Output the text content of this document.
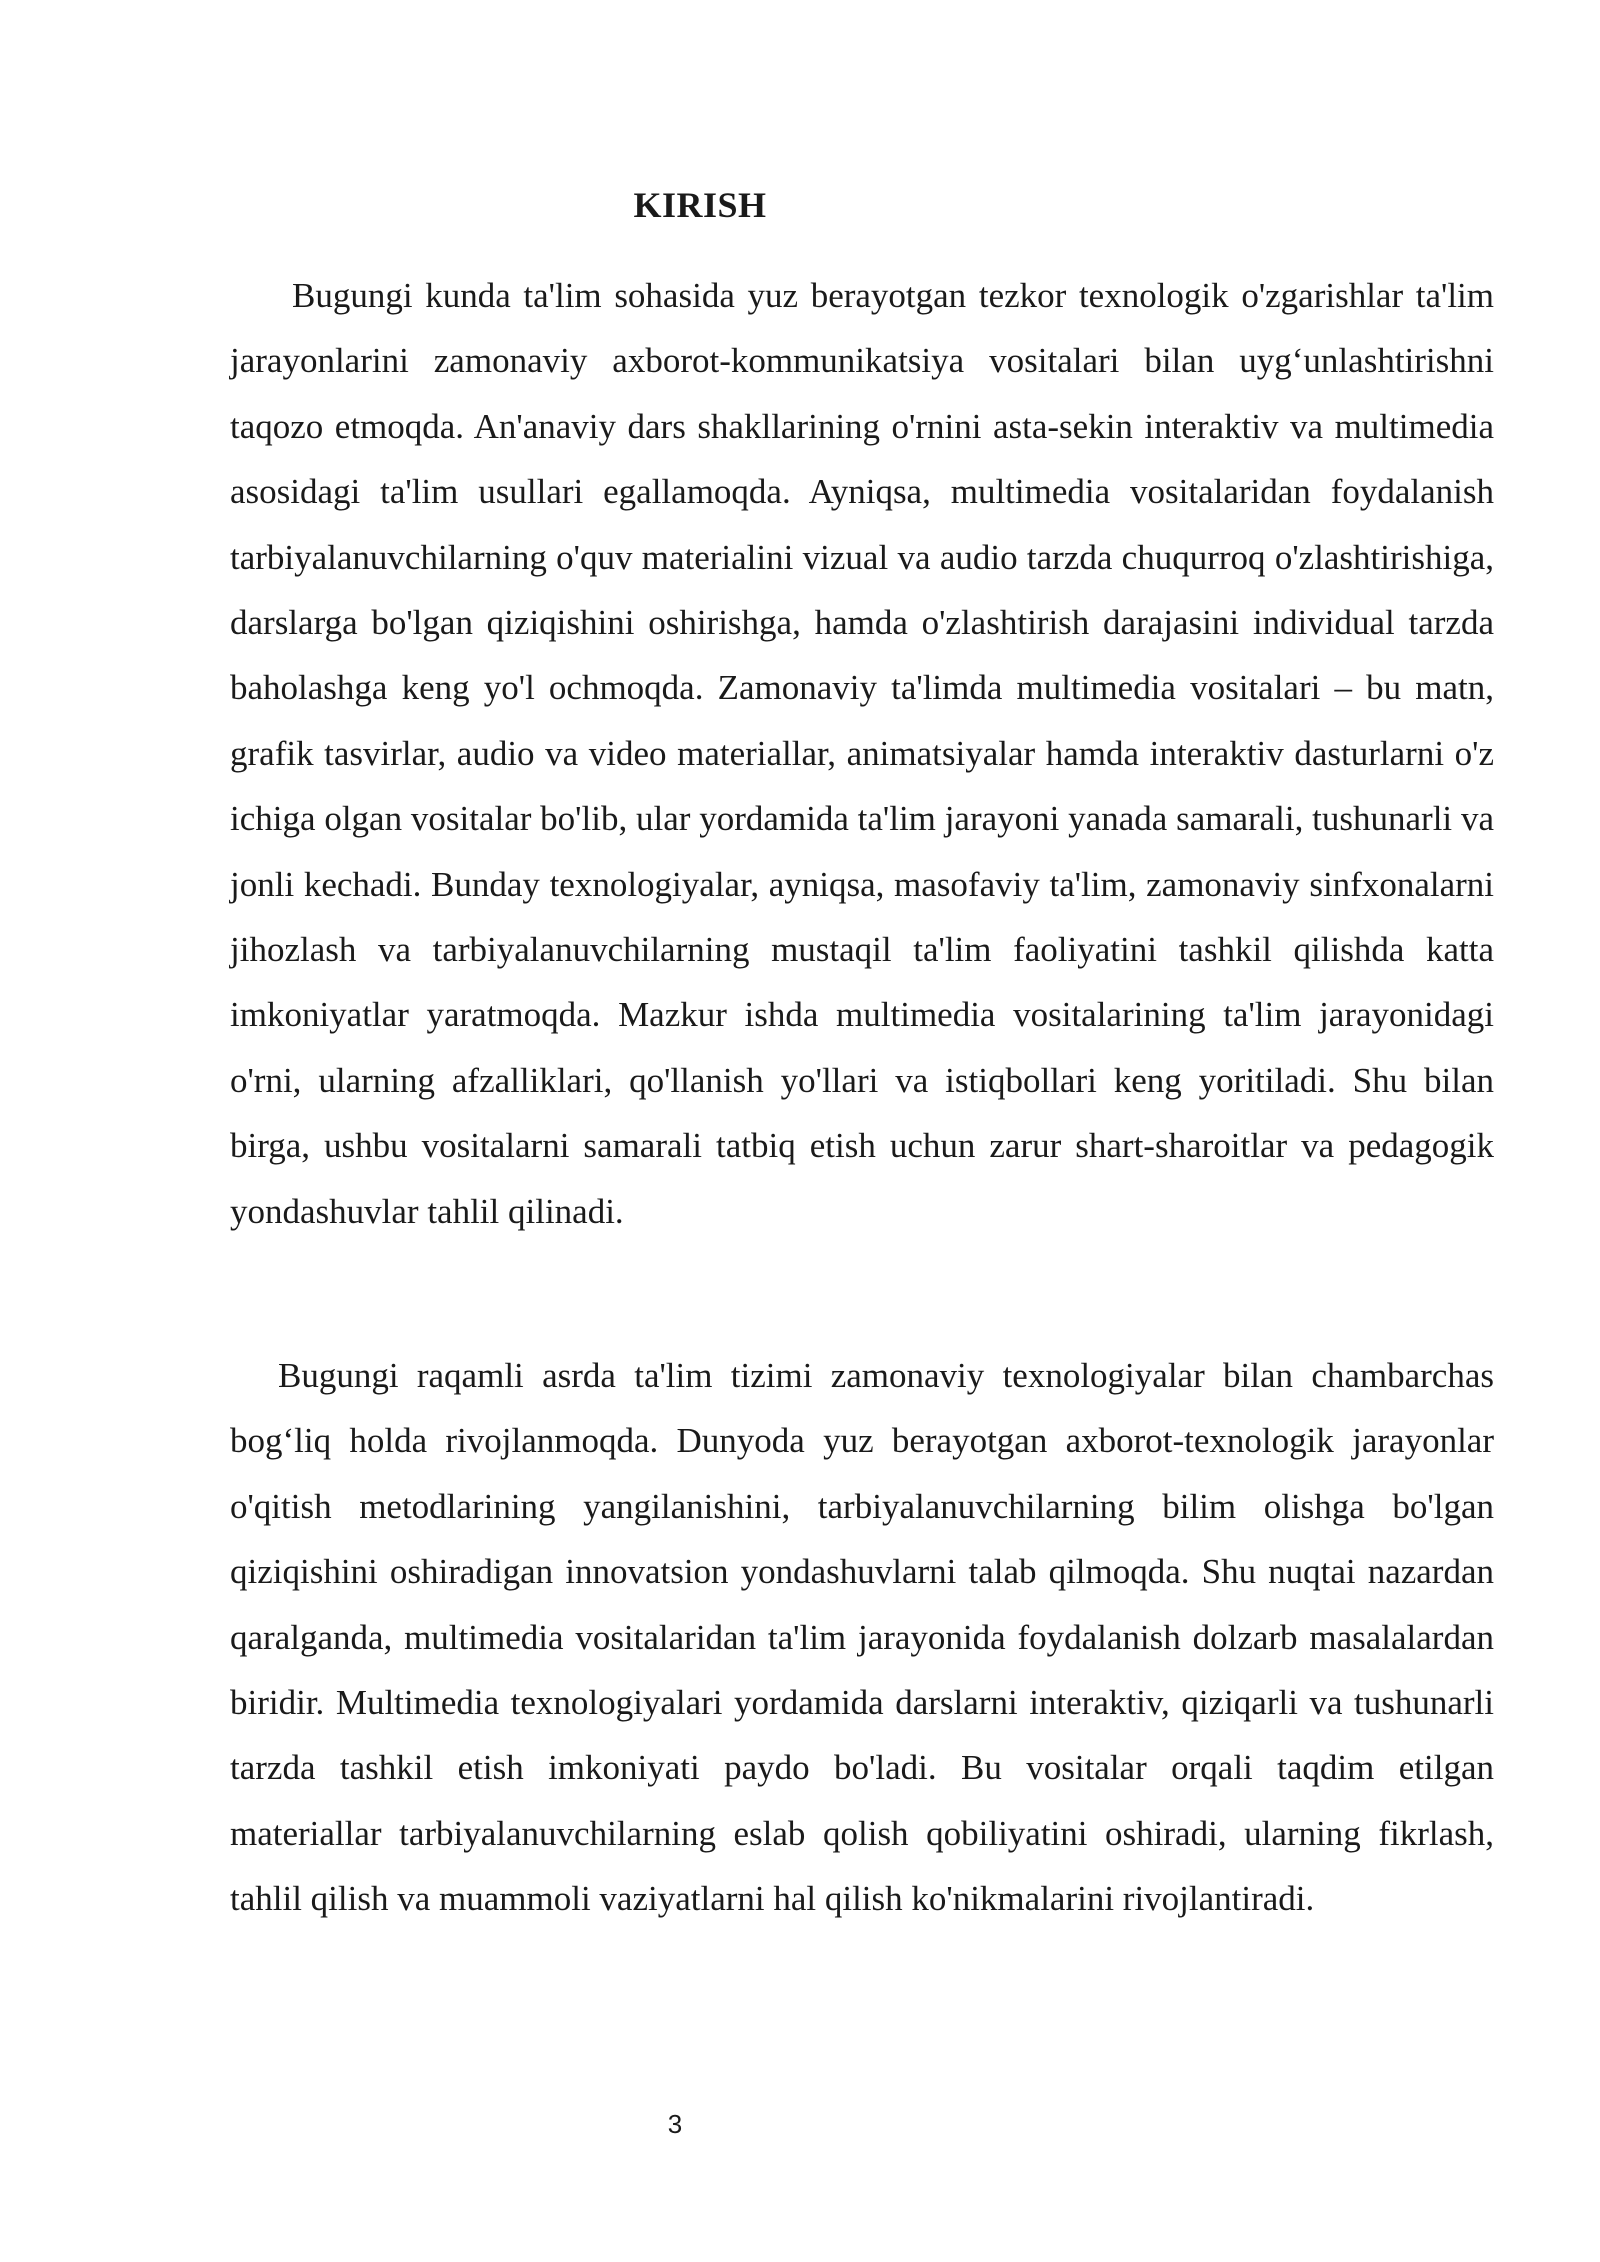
KIRISH

Bugungi kunda ta'lim sohasida yuz berayotgan tezkor texnologik o'zgarishlar ta'lim jarayonlarini zamonaviy axborot-kommunikatsiya vositalari bilan uyg‘unlashtirishni taqozo etmoqda. An'anaviy dars shakllarining o'rnini asta-sekin interaktiv va multimedia asosidagi ta'lim usullari egallamoqda. Ayniqsa, multimedia vositalaridan foydalanish tarbiyalanuvchilarning o'quv materialini vizual va audio tarzda chuqurroq o'zlashtirishiga, darslarga bo'lgan qiziqishini oshirishga, hamda o'zlashtirish darajasini individual tarzda baholashga keng yo'l ochmoqda. Zamonaviy ta'limda multimedia vositalari – bu matn, grafik tasvirlar, audio va video materiallar, animatsiyalar hamda interaktiv dasturlarni o'z ichiga olgan vositalar bo'lib, ular yordamida ta'lim jarayoni yanada samarali, tushunarli va jonli kechadi. Bunday texnologiyalar, ayniqsa, masofaviy ta'lim, zamonaviy sinfxonalarni jihozlash va tarbiyalanuvchilarning mustaqil ta'lim faoliyatini tashkil qilishda katta imkoniyatlar yaratmoqda. Mazkur ishda multimedia vositalarining ta'lim jarayonidagi o'rni, ularning afzalliklari, qo'llanish yo'llari va istiqbollari keng yoritiladi. Shu bilan birga, ushbu vositalarni samarali tatbiq etish uchun zarur shart-sharoitlar va pedagogik yondashuvlar tahlil qilinadi.

Bugungi raqamli asrda ta'lim tizimi zamonaviy texnologiyalar bilan chambarchas bog‘liq holda rivojlanmoqda. Dunyoda yuz berayotgan axborot-texnologik jarayonlar o'qitish metodlarining yangilanishini, tarbiyalanuvchilarning bilim olishga bo'lgan qiziqishini oshiradigan innovatsion yondashuvlarni talab qilmoqda. Shu nuqtai nazardan qaralganda, multimedia vositalaridan ta'lim jarayonida foydalanish dolzarb masalalardan biridir. Multimedia texnologiyalari yordamida darslarni interaktiv, qiziqarli va tushunarli tarzda tashkil etish imkoniyati paydo bo'ladi. Bu vositalar orqali taqdim etilgan materiallar tarbiyalanuvchilarning eslab qolish qobiliyatini oshiradi, ularning fikrlash, tahlil qilish va muammoli vaziyatlarni hal qilish ko'nikmalarini rivojlantiradi.

3
